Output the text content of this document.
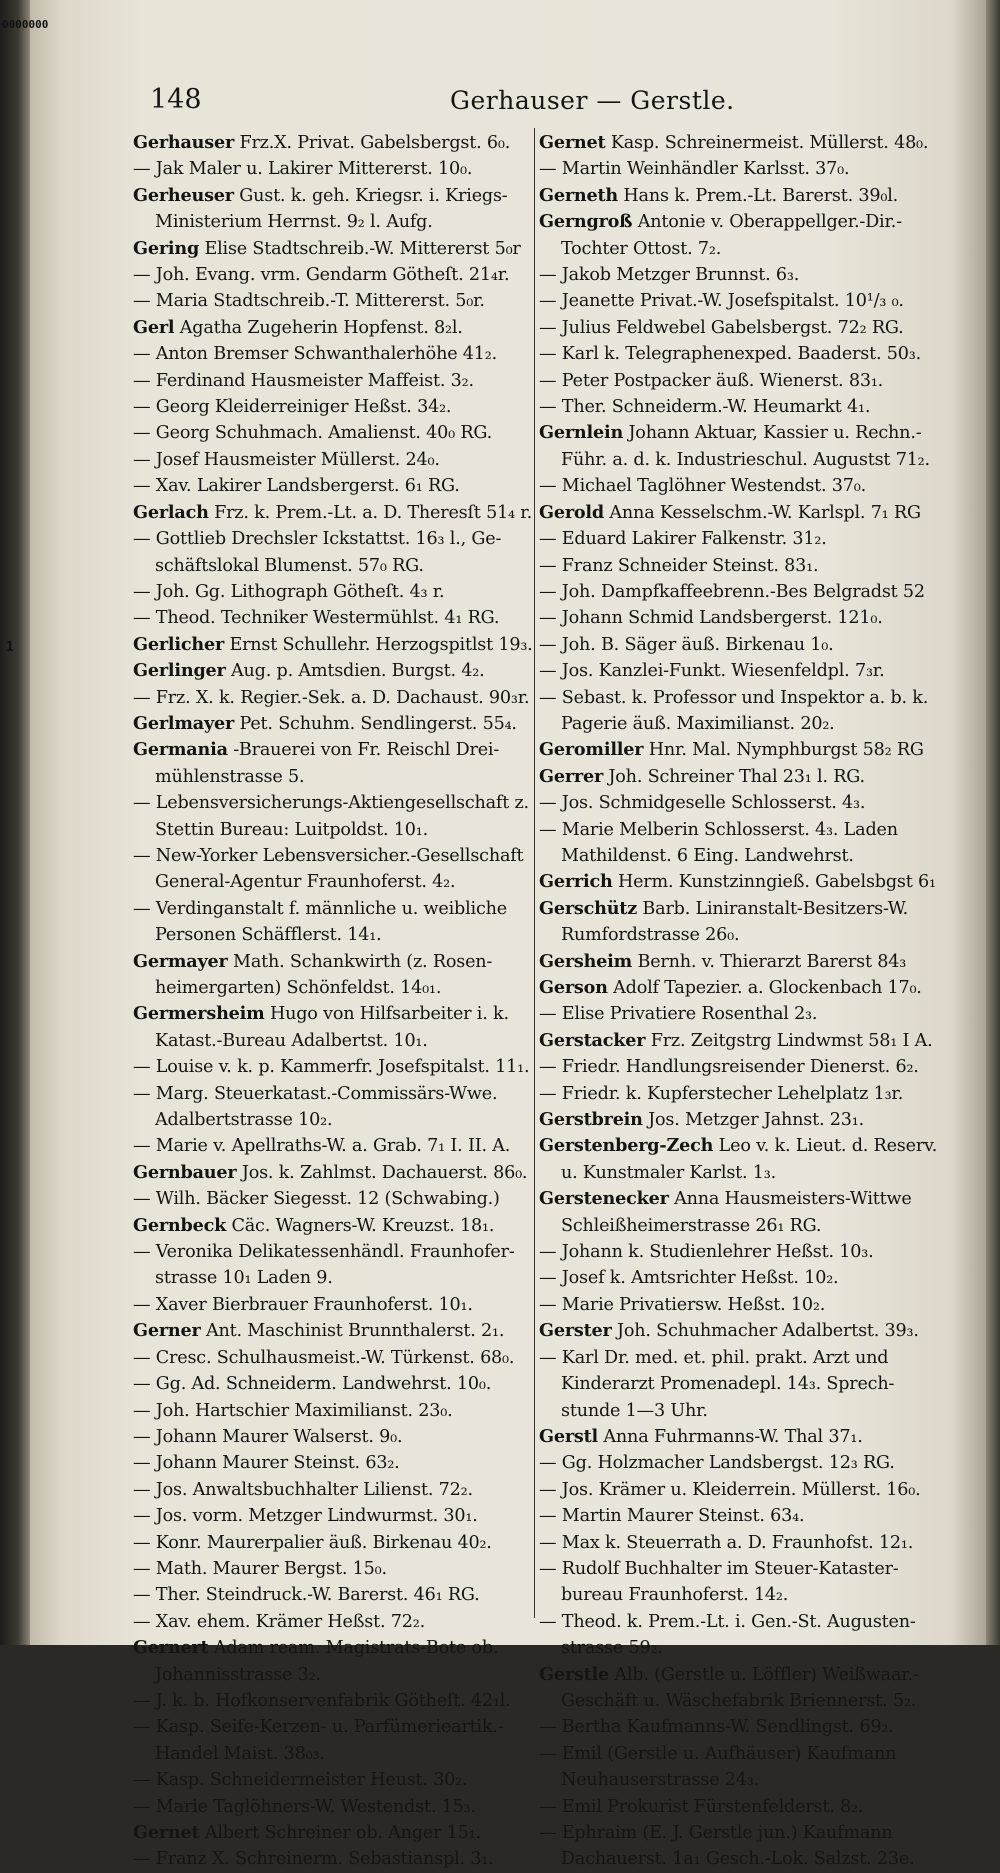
0000000
1
148	Gerhauser — Gerstle.
Gerhauser Frz.X. Privat. Gabelsbergst. 6₀.
— Jak Maler u. Lakirer Mittererst. 10₀.
Gerheuser Gust. k. geh. Kriegsr. i. Kriegs-
Ministerium Herrnst. 9₂ l. Aufg.
Gering Elise Stadtschreib.-W. Mittererst 5₀r
— Joh. Evang. vrm. Gendarm Götheſt. 21₄r.
— Maria Stadtschreib.-T. Mittererst. 5₀r.
Gerl Agatha Zugeherin Hopfenst. 8₂l.
— Anton Bremser Schwanthalerhöhe 41₂.
— Ferdinand Hausmeister Maffeist. 3₂.
— Georg Kleiderreiniger Heßst. 34₂.
— Georg Schuhmach. Amalienst. 40₀ RG.
— Josef Hausmeister Müllerst. 24₀.
— Xav. Lakirer Landsbergerst. 6₁ RG.
Gerlach Frz. k. Prem.-Lt. a. D. Theresſt 51₄ r.
— Gottlieb Drechsler Ickstattst. 16₃ l., Ge-
schäftslokal Blumenst. 57₀ RG.
— Joh. Gg. Lithograph Götheſt. 4₃ r.
— Theod. Techniker Westermühlst. 4₁ RG.
Gerlicher Ernst Schullehr. Herzogspitlst 19₃.
Gerlinger Aug. p. Amtsdien. Burgst. 4₂.
— Frz. X. k. Regier.-Sek. a. D. Dachaust. 90₃r.
Gerlmayer Pet. Schuhm. Sendlingerst. 55₄.
Germania -Brauerei von Fr. Reischl Drei-
mühlenstrasse 5.
— Lebensversicherungs-Aktiengesellschaft z.
Stettin Bureau: Luitpoldst. 10₁.
— New-Yorker Lebensversicher.-Gesellschaft
General-Agentur Fraunhoferst. 4₂.
— Verdinganstalt f. männliche u. weibliche
Personen Schäfflerst. 14₁.
Germayer Math. Schankwirth (z. Rosen-
heimergarten) Schönfeldst. 14₀₁.
Germersheim Hugo von Hilfsarbeiter i. k.
Katast.-Bureau Adalbertst. 10₁.
— Louise v. k. p. Kammerfr. Josefspitalst. 11₁.
— Marg. Steuerkatast.-Commissärs-Wwe.
Adalbertstrasse 10₂.
— Marie v. Apellraths-W. a. Grab. 7₁ I. II. A.
Gernbauer Jos. k. Zahlmst. Dachauerst. 86₀.
— Wilh. Bäcker Siegesst. 12 (Schwabing.)
Gernbeck Cäc. Wagners-W. Kreuzst. 18₁.
— Veronika Delikatessenhändl. Fraunhofer-
strasse 10₁ Laden 9.
— Xaver Bierbrauer Fraunhoferst. 10₁.
Gerner Ant. Maschinist Brunnthalerst. 2₁.
— Cresc. Schulhausmeist.-W. Türkenst. 68₀.
— Gg. Ad. Schneiderm. Landwehrst. 10₀.
— Joh. Hartschier Maximilianst. 23₀.
— Johann Maurer Walserst. 9₀.
— Johann Maurer Steinst. 63₂.
— Jos. Anwaltsbuchhalter Lilienst. 72₂.
— Jos. vorm. Metzger Lindwurmst. 30₁.
— Konr. Maurerpalier äuß. Birkenau 40₂.
— Math. Maurer Bergst. 15₀.
— Ther. Steindruck.-W. Barerst. 46₁ RG.
— Xav. ehem. Krämer Heßst. 72₂.
Gernert Adam ream. Magistrats-Bote ob.
Johannisstrasse 3₂.
— J. k. b. Hofkonservenfabrik Götheſt. 42₁l.
— Kasp. Seife-Kerzen- u. Parfümerieartik.-
Handel Maist. 38₀₃.
— Kasp. Schneidermeister Heust. 30₂.
— Marie Taglöhners-W. Westendst. 15₃.
Gernet Albert Schreiner ob. Anger 15₁.
— Franz X. Schreinerm. Sebastianspl. 3₁.
Gernet Kasp. Schreinermeist. Müllerst. 48₀.
— Martin Weinhändler Karlsst. 37₀.
Gerneth Hans k. Prem.-Lt. Barerst. 39₀l.
Gerngroß Antonie v. Oberappellger.-Dir.-
Tochter Ottost. 7₂.
— Jakob Metzger Brunnst. 6₃.
— Jeanette Privat.-W. Josefspitalst. 10¹/₃ ₀.
— Julius Feldwebel Gabelsbergst. 72₂ RG.
— Karl k. Telegraphenexped. Baaderst. 50₃.
— Peter Postpacker äuß. Wienerst. 83₁.
— Ther. Schneiderm.-W. Heumarkt 4₁.
Gernlein Johann Aktuar, Kassier u. Rechn.-
Führ. a. d. k. Industrieschul. Augustst 71₂.
— Michael Taglöhner Westendst. 37₀.
Gerold Anna Kesselschm.-W. Karlspl. 7₁ RG
— Eduard Lakirer Falkenstr. 31₂.
— Franz Schneider Steinst. 83₁.
— Joh. Dampfkaffeebrenn.-Bes Belgradst 52
— Johann Schmid Landsbergerst. 121₀.
— Joh. B. Säger äuß. Birkenau 1₀.
— Jos. Kanzlei-Funkt. Wiesenfeldpl. 7₃r.
— Sebast. k. Professor und Inspektor a. b. k.
Pagerie äuß. Maximilianst. 20₂.
Geromiller Hnr. Mal. Nymphburgst 58₂ RG
Gerrer Joh. Schreiner Thal 23₁ l. RG.
— Jos. Schmidgeselle Schlosserst. 4₃.
— Marie Melberin Schlosserst. 4₃. Laden
Mathildenst. 6 Eing. Landwehrst.
Gerrich Herm. Kunstzinngieß. Gabelsbgst 6₁
Gerschütz Barb. Liniranstalt-Besitzers-W.
Rumfordstrasse 26₀.
Gersheim Bernh. v. Thierarzt Barerst 84₃
Gerson Adolf Tapezier. a. Glockenbach 17₀.
— Elise Privatiere Rosenthal 2₃.
Gerstacker Frz. Zeitgstrg Lindwmst 58₁ I A.
— Friedr. Handlungsreisender Dienerst. 6₂.
— Friedr. k. Kupferstecher Lehelplatz 1₃r.
Gerstbrein Jos. Metzger Jahnst. 23₁.
Gerstenberg-Zech Leo v. k. Lieut. d. Reserv.
u. Kunstmaler Karlst. 1₃.
Gerstenecker Anna Hausmeisters-Wittwe
Schleißheimerstrasse 26₁ RG.
— Johann k. Studienlehrer Heßst. 10₃.
— Josef k. Amtsrichter Heßst. 10₂.
— Marie Privatiersw. Heßst. 10₂.
Gerster Joh. Schuhmacher Adalbertst. 39₃.
— Karl Dr. med. et. phil. prakt. Arzt und
Kinderarzt Promenadepl. 14₃. Sprech-
stunde 1—3 Uhr.
Gerstl Anna Fuhrmanns-W. Thal 37₁.
— Gg. Holzmacher Landsbergst. 12₃ RG.
— Jos. Krämer u. Kleiderrein. Müllerst. 16₀.
— Martin Maurer Steinst. 63₄.
— Max k. Steuerrath a. D. Fraunhofst. 12₁.
— Rudolf Buchhalter im Steuer-Kataster-
bureau Fraunhoferst. 14₂.
— Theod. k. Prem.-Lt. i. Gen.-St. Augusten-
strasse 59₂.
Gerstle Alb. (Gerstle u. Löffler) Weißwaar.-
Geschäft u. Wäschefabrik Briennerst. 5₂.
— Bertha Kaufmanns-W. Sendlingst. 69₂.
— Emil (Gerstle u. Aufhäuser) Kaufmann
Neuhauserstrasse 24₃.
— Emil Prokurist Fürstenfelderst. 8₂.
— Ephraim (E. J. Gerstle jun.) Kaufmann
Dachauerst. 1a₁ Gesch.-Lok. Salzst. 23e.
